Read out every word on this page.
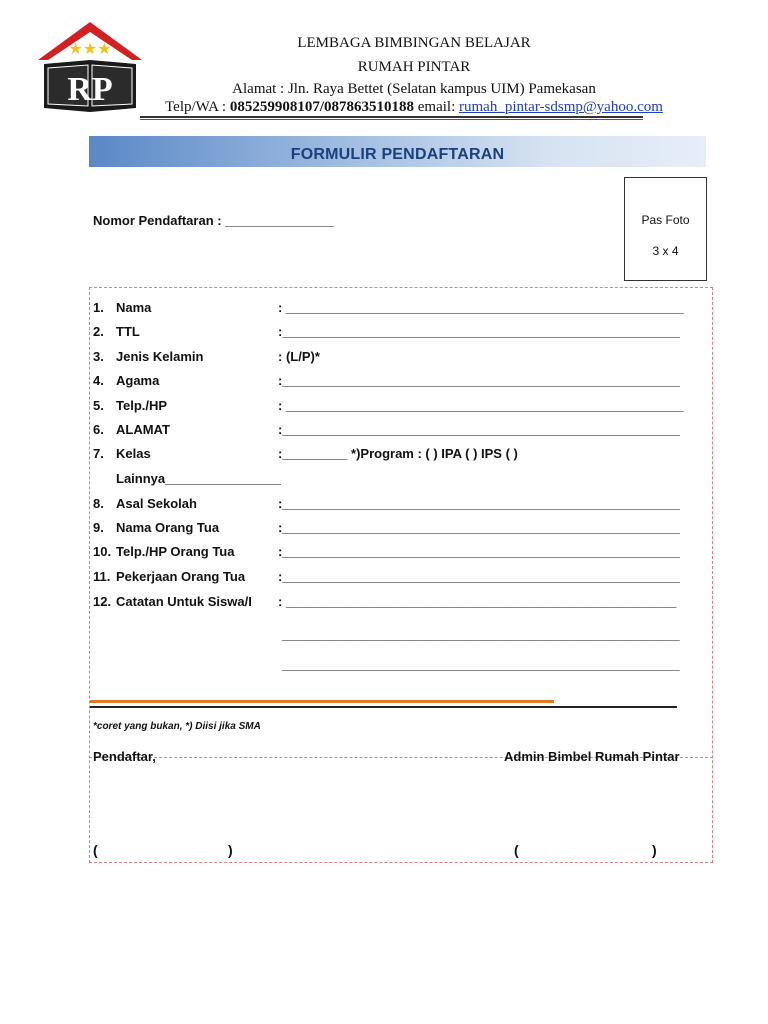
★★★
RP
LEMBAGA BIMBINGAN BELAJAR
RUMAH PINTAR
Alamat : Jln. Raya Bettet (Selatan kampus UIM) Pamekasan
Telp/WA : 085259908107/087863510188 email: rumah_pintar-sdsmp@yahoo.com
FORMULIR PENDAFTARAN
Nomor Pendaftaran : _______________	Pas Foto
3 x 4
1. Nama	: _______________________________________________________
2. TTL	:_______________________________________________________
3. Jenis Kelamin	: (L/P)*
4. Agama	:_______________________________________________________
5. Telp./HP	: _______________________________________________________
6. ALAMAT	:_______________________________________________________
7. Kelas	:_________ *)Program : ( ) IPA ( ) IPS ( )
Lainnya________________
8. Asal Sekolah	:_______________________________________________________
9. Nama Orang Tua	:_______________________________________________________
10. Telp./HP Orang Tua	:_______________________________________________________
11. Pekerjaan Orang Tua	:_______________________________________________________
12. Catatan Untuk Siswa/I : ______________________________________________________
_______________________________________________________
_______________________________________________________
*coret yang bukan, *) Diisi jika SMA
Pendaftar,	Admin Bimbel Rumah Pintar
(	)	(	)
